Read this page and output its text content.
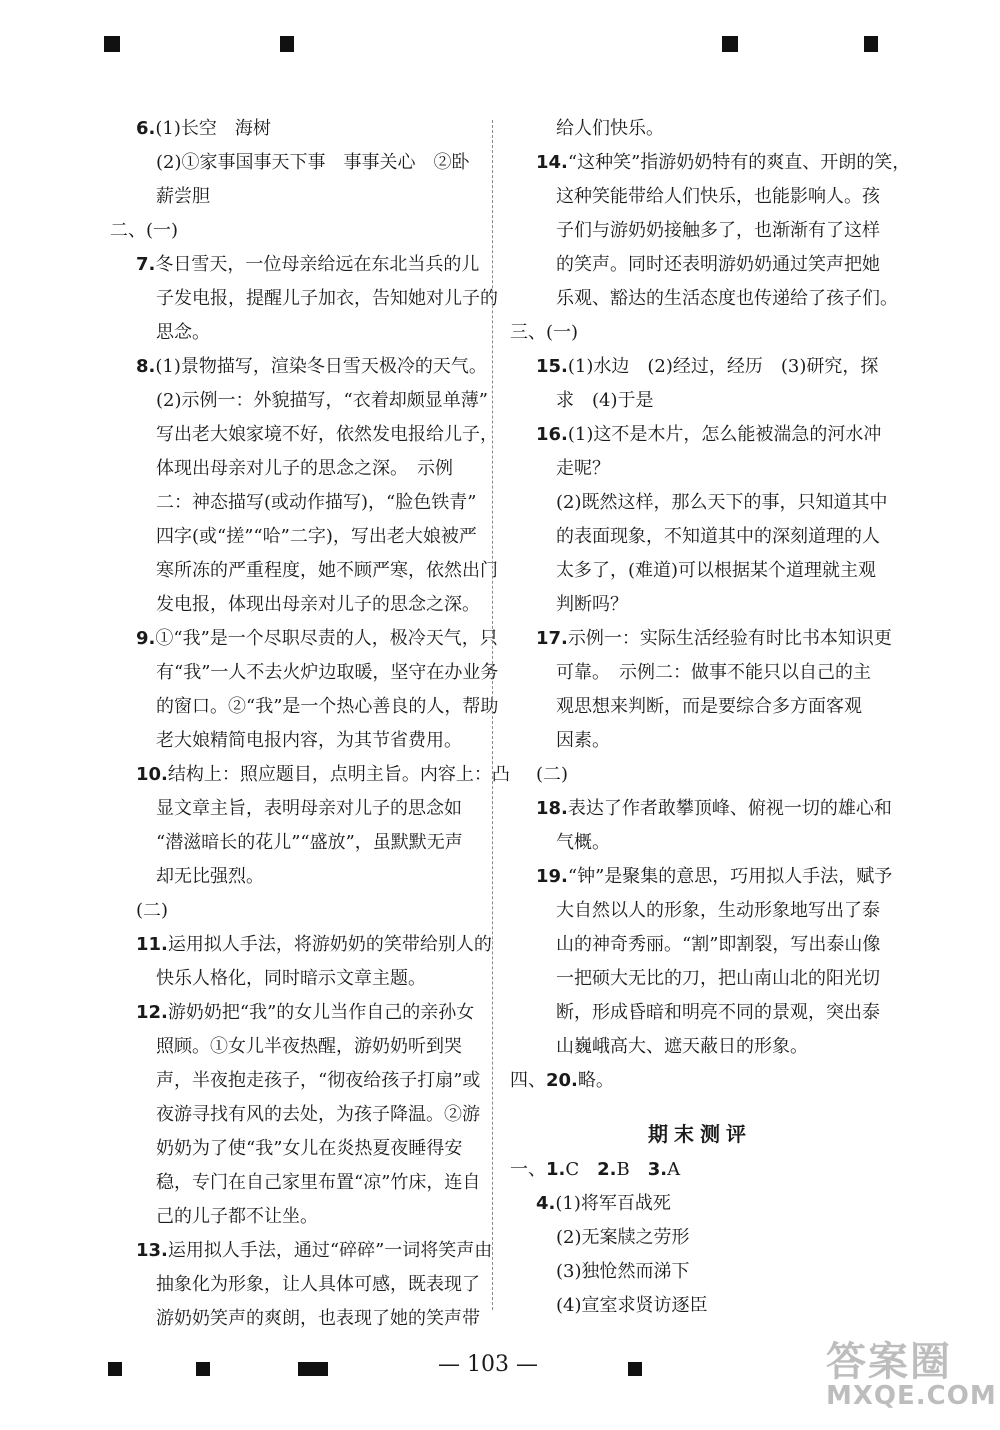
6.(1)长空　海树

(2)①家事国事天下事　事事关心　②卧

薪尝胆

二、(一)

7.冬日雪天，一位母亲给远在东北当兵的儿

子发电报，提醒儿子加衣，告知她对儿子的

思念。

8.(1)景物描写，渲染冬日雪天极冷的天气。

(2)示例一：外貌描写，“衣着却颇显单薄”

写出老大娘家境不好，依然发电报给儿子，

体现出母亲对儿子的思念之深。　示例

二：神态描写(或动作描写)，“脸色铁青”

四字(或“搓”“哈”二字)，写出老大娘被严

寒所冻的严重程度，她不顾严寒，依然出门

发电报，体现出母亲对儿子的思念之深。

9.①“我”是一个尽职尽责的人，极冷天气，只

有“我”一人不去火炉边取暖，坚守在办业务

的窗口。②“我”是一个热心善良的人，帮助

老大娘精简电报内容，为其节省费用。

10.结构上：照应题目，点明主旨。内容上：凸

显文章主旨，表明母亲对儿子的思念如

“潜滋暗长的花儿”“盛放”，虽默默无声

却无比强烈。

(二)

11.运用拟人手法，将游奶奶的笑带给别人的

快乐人格化，同时暗示文章主题。

12.游奶奶把“我”的女儿当作自己的亲孙女

照顾。①女儿半夜热醒，游奶奶听到哭

声，半夜抱走孩子，“彻夜给孩子打扇”或

夜游寻找有风的去处，为孩子降温。②游

奶奶为了使“我”女儿在炎热夏夜睡得安

稳，专门在自己家里布置“凉”竹床，连自

己的儿子都不让坐。

13.运用拟人手法，通过“碎碎”一词将笑声由

抽象化为形象，让人具体可感，既表现了

游奶奶笑声的爽朗，也表现了她的笑声带

给人们快乐。

14.“这种笑”指游奶奶特有的爽直、开朗的笑，

这种笑能带给人们快乐，也能影响人。孩

子们与游奶奶接触多了，也渐渐有了这样

的笑声。同时还表明游奶奶通过笑声把她

乐观、豁达的生活态度也传递给了孩子们。

三、(一)

15.(1)水边　(2)经过，经历　(3)研究，探

求　(4)于是

16.(1)这不是木片，怎么能被湍急的河水冲

走呢？

(2)既然这样，那么天下的事，只知道其中

的表面现象，不知道其中的深刻道理的人

太多了，(难道)可以根据某个道理就主观

判断吗？

17.示例一：实际生活经验有时比书本知识更

可靠。　示例二：做事不能只以自己的主

观思想来判断，而是要综合多方面客观

因素。

(二)

18.表达了作者敢攀顶峰、俯视一切的雄心和

气概。

19.“钟”是聚集的意思，巧用拟人手法，赋予

大自然以人的形象，生动形象地写出了泰

山的神奇秀丽。“割”即割裂，写出泰山像

一把硕大无比的刀，把山南山北的阳光切

断，形成昏暗和明亮不同的景观，突出泰

山巍峨高大、遮天蔽日的形象。

四、20.略。

期末测评

一、1.C　2.B　3.A

4.(1)将军百战死

(2)无案牍之劳形

(3)独怆然而涕下

(4)宣室求贤访逐臣

— 103 —	答案圈
MXQE.COM
